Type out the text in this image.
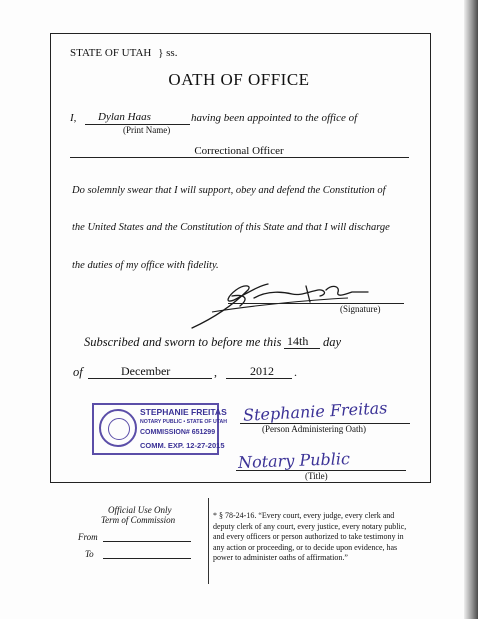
STATE OF UTAH } ss.
OATH OF OFFICE
I, Dylan Haas	having been appointed to the office of
(Print Name)
Correctional Officer
Do solemnly swear that I will support, obey and defend the Constitution of
the United States and the Constitution of this State and that I will discharge
the duties of my office with fidelity.
(Signature)
Subscribed and sworn to before me this 14th day
of	December	,	2012 .
STEPHANIE FREITAS
NOTARY PUBLIC • STATE OF UTAH
COMMISSION# 651299
COMM. EXP. 12-27-2015
Stephanie Freitas
(Person Administering Oath)
Notary Public
(Title)
Official Use Only
Term of Commission
From
To
* § 78-24-16. “Every court, every judge, every clerk and
deputy clerk of any court, every justice, every notary public,
and every officers or person authorized to take testimony in
any action or proceeding, or to decide upon evidence, has
power to administer oaths of affirmation.”
